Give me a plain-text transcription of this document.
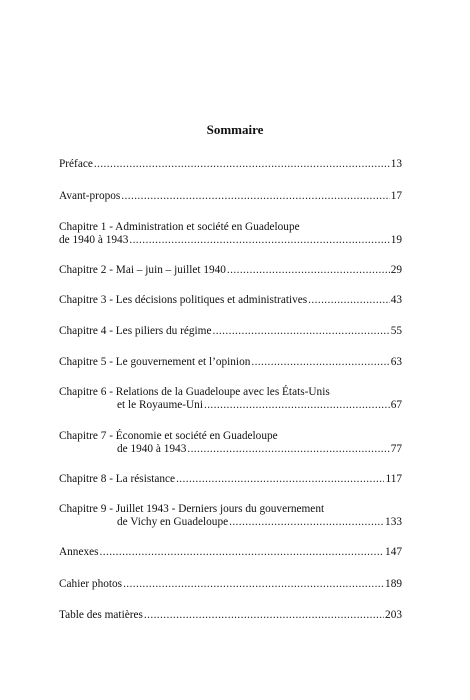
Sommaire
Préface .....	13
Avant-propos .....	17
Chapitre 1 - Administration et société en Guadeloupe
de 1940 à 1943 .....	19
Chapitre 2 - Mai – juin – juillet 1940 .....	29
Chapitre 3 - Les décisions politiques et administratives .....	43
Chapitre 4 - Les piliers du régime .....	55
Chapitre 5 - Le gouvernement et l’opinion .....	63
Chapitre 6 - Relations de la Guadeloupe avec les États-Unis
et le Royaume-Uni .....	67
Chapitre 7 - Économie et société en Guadeloupe
de 1940 à 1943 .....	77
Chapitre 8 - La résistance .....	117
Chapitre 9 - Juillet 1943 - Derniers jours du gouvernement
de Vichy en Guadeloupe .....	133
Annexes .....	147
Cahier photos .....	189
Table des matières .....	203
